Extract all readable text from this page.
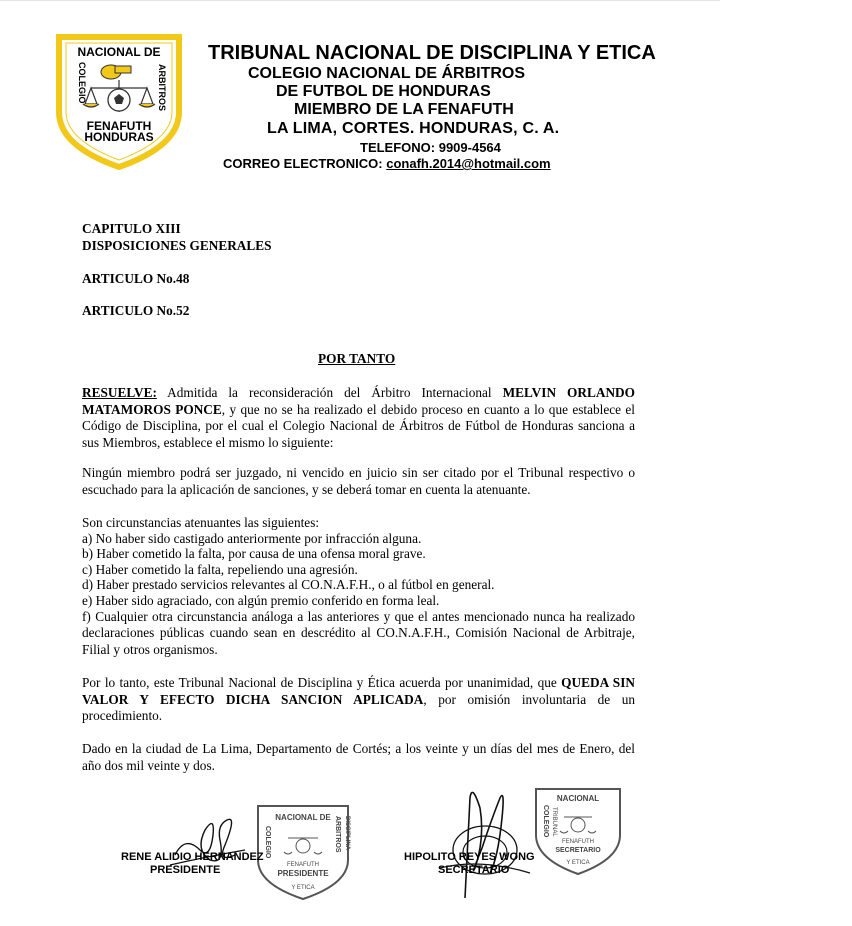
NACIONAL DE
COLEGIO	ARBITROS
FENAFUTH
HONDURAS
TRIBUNAL NACIONAL DE DISCIPLINA Y ETICA
COLEGIO NACIONAL DE ÁRBITROS
DE FUTBOL DE HONDURAS
MIEMBRO DE LA FENAFUTH
LA LIMA, CORTES. HONDURAS, C. A.
TELEFONO: 9909-4564
CORREO ELECTRONICO: conafh.2014@hotmail.com
CAPITULO XIII
DISPOSICIONES GENERALES
ARTICULO No.48
ARTICULO No.52
POR TANTO
RESUELVE: Admitida la reconsideración del Árbitro Internacional MELVIN ORLANDO MATAMOROS PONCE, y que no se ha realizado el debido proceso en cuanto a lo que establece el Código de Disciplina, por el cual el Colegio Nacional de Árbitros de Fútbol de Honduras sanciona a sus Miembros, establece el mismo lo siguiente:
Ningún miembro podrá ser juzgado, ni vencido en juicio sin ser citado por el Tribunal respectivo o escuchado para la aplicación de sanciones, y se deberá tomar en cuenta la atenuante.
Son circunstancias atenuantes las siguientes:
a) No haber sido castigado anteriormente por infracción alguna.
b) Haber cometido la falta, por causa de una ofensa moral grave.
c) Haber cometido la falta, repeliendo una agresión.
d) Haber prestado servicios relevantes al CO.N.A.F.H., o al fútbol en general.
e) Haber sido agraciado, con algún premio conferido en forma leal.
f) Cualquier otra circunstancia análoga a las anteriores y que el antes mencionado nunca ha realizado declaraciones públicas cuando sean en descrédito al CO.N.A.F.H., Comisión Nacional de Arbitraje, Filial y otros organismos.
Por lo tanto, este Tribunal Nacional de Disciplina y Ética acuerda por unanimidad, que QUEDA SIN VALOR Y EFECTO DICHA SANCION APLICADA, por omisión involuntaria de un procedimiento.
Dado en la ciudad de La Lima, Departamento de Cortés; a los veinte y un días del mes de Enero, del año dos mil veinte y dos.
NACIONAL DE
COLEGIO	ARBITROS DISCIPLINA
FENAFUTH
PRESIDENTE
Y ETICA
RENE ALIDIO HERNANDEZ
PRESIDENTE
NACIONAL
COLEGIO TRIBUNAL
FENAFUTH
SECRETARIO
Y ETICA
HIPOLITO REYES WONG
SECRETARIO
